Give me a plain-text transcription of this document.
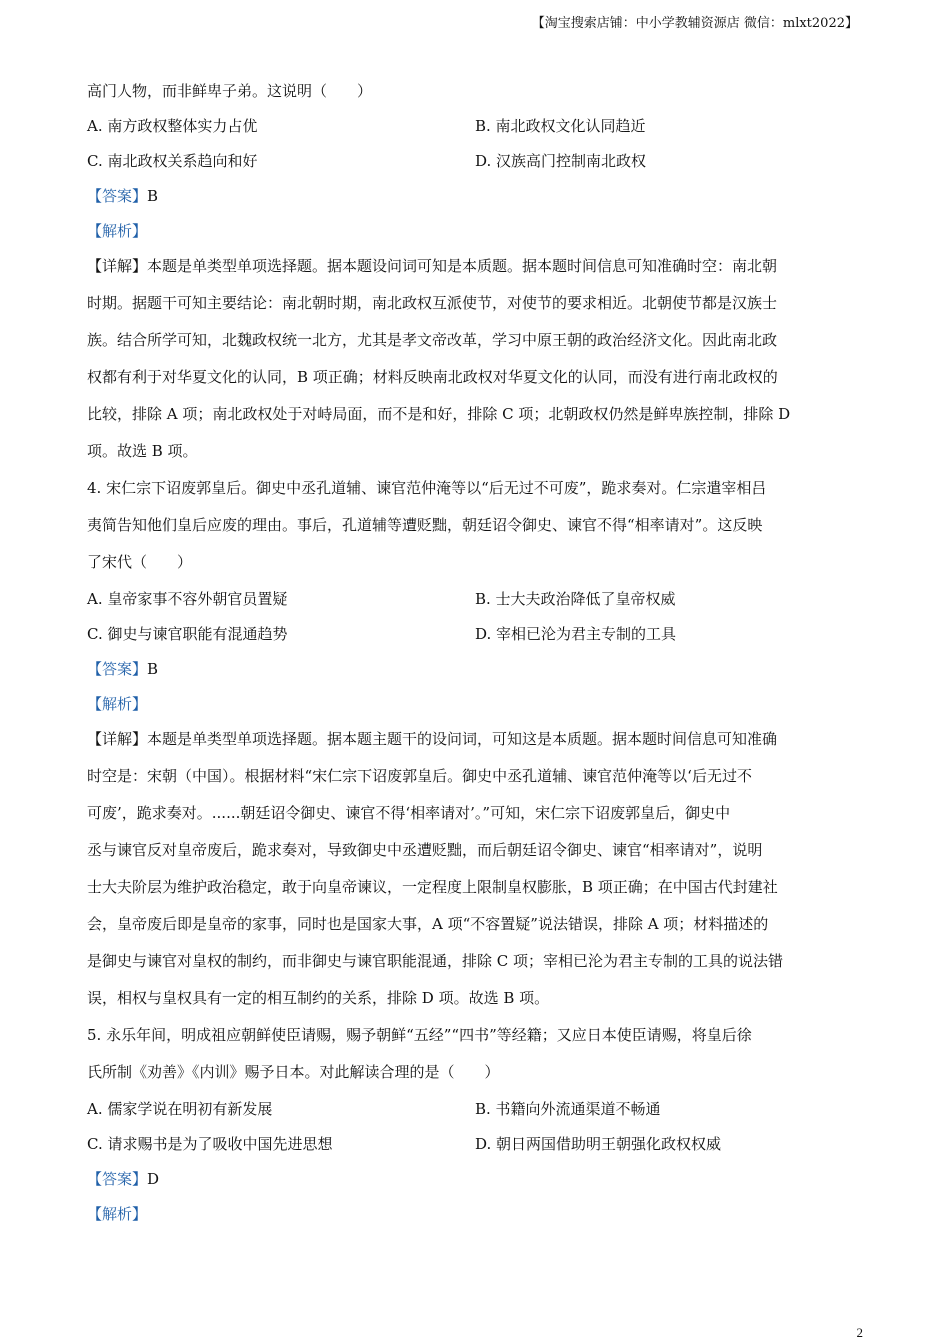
【淘宝搜索店铺：中小学教辅资源店 微信：mlxt2022】
高门人物，而非鲜卑子弟。这说明（　　）
A. 南方政权整体实力占优	B. 南北政权文化认同趋近
C. 南北政权关系趋向和好	D. 汉族高门控制南北政权
【答案】B
【解析】
【详解】本题是单类型单项选择题。据本题设问词可知是本质题。据本题时间信息可知准确时空：南北朝
时期。据题干可知主要结论：南北朝时期，南北政权互派使节，对使节的要求相近。北朝使节都是汉族士
族。结合所学可知，北魏政权统一北方，尤其是孝文帝改革，学习中原王朝的政治经济文化。因此南北政
权都有利于对华夏文化的认同，B 项正确；材料反映南北政权对华夏文化的认同，而没有进行南北政权的
比较，排除 A 项；南北政权处于对峙局面，而不是和好，排除 C 项；北朝政权仍然是鲜卑族控制，排除 D
项。故选 B 项。
4. 宋仁宗下诏废郭皇后。御史中丞孔道辅、谏官范仲淹等以“后无过不可废”，跪求奏对。仁宗遣宰相吕
夷简告知他们皇后应废的理由。事后，孔道辅等遭贬黜，朝廷诏令御史、谏官不得“相率请对”。这反映
了宋代（　　）
A. 皇帝家事不容外朝官员置疑	B. 士大夫政治降低了皇帝权威
C. 御史与谏官职能有混通趋势	D. 宰相已沦为君主专制的工具
【答案】B
【解析】
【详解】本题是单类型单项选择题。据本题主题干的设问词，可知这是本质题。据本题时间信息可知准确
时空是：宋朝（中国）。根据材料“宋仁宗下诏废郭皇后。御史中丞孔道辅、谏官范仲淹等以‘后无过不
可废’，跪求奏对。......朝廷诏令御史、谏官不得‘相率请对’。”可知，宋仁宗下诏废郭皇后，御史中
丞与谏官反对皇帝废后，跪求奏对，导致御史中丞遭贬黜，而后朝廷诏令御史、谏官“相率请对”，说明
士大夫阶层为维护政治稳定，敢于向皇帝谏议，一定程度上限制皇权膨胀，B 项正确；在中国古代封建社
会，皇帝废后即是皇帝的家事，同时也是国家大事，A 项“不容置疑”说法错误，排除 A 项；材料描述的
是御史与谏官对皇权的制约，而非御史与谏官职能混通，排除 C 项；宰相已沦为君主专制的工具的说法错
误，相权与皇权具有一定的相互制约的关系，排除 D 项。故选 B 项。
5. 永乐年间，明成祖应朝鲜使臣请赐，赐予朝鲜“五经”“四书”等经籍；又应日本使臣请赐，将皇后徐
氏所制《劝善》《内训》赐予日本。对此解读合理的是（　　）
A. 儒家学说在明初有新发展	B. 书籍向外流通渠道不畅通
C. 请求赐书是为了吸收中国先进思想	D. 朝日两国借助明王朝强化政权权威
【答案】D
【解析】
2
